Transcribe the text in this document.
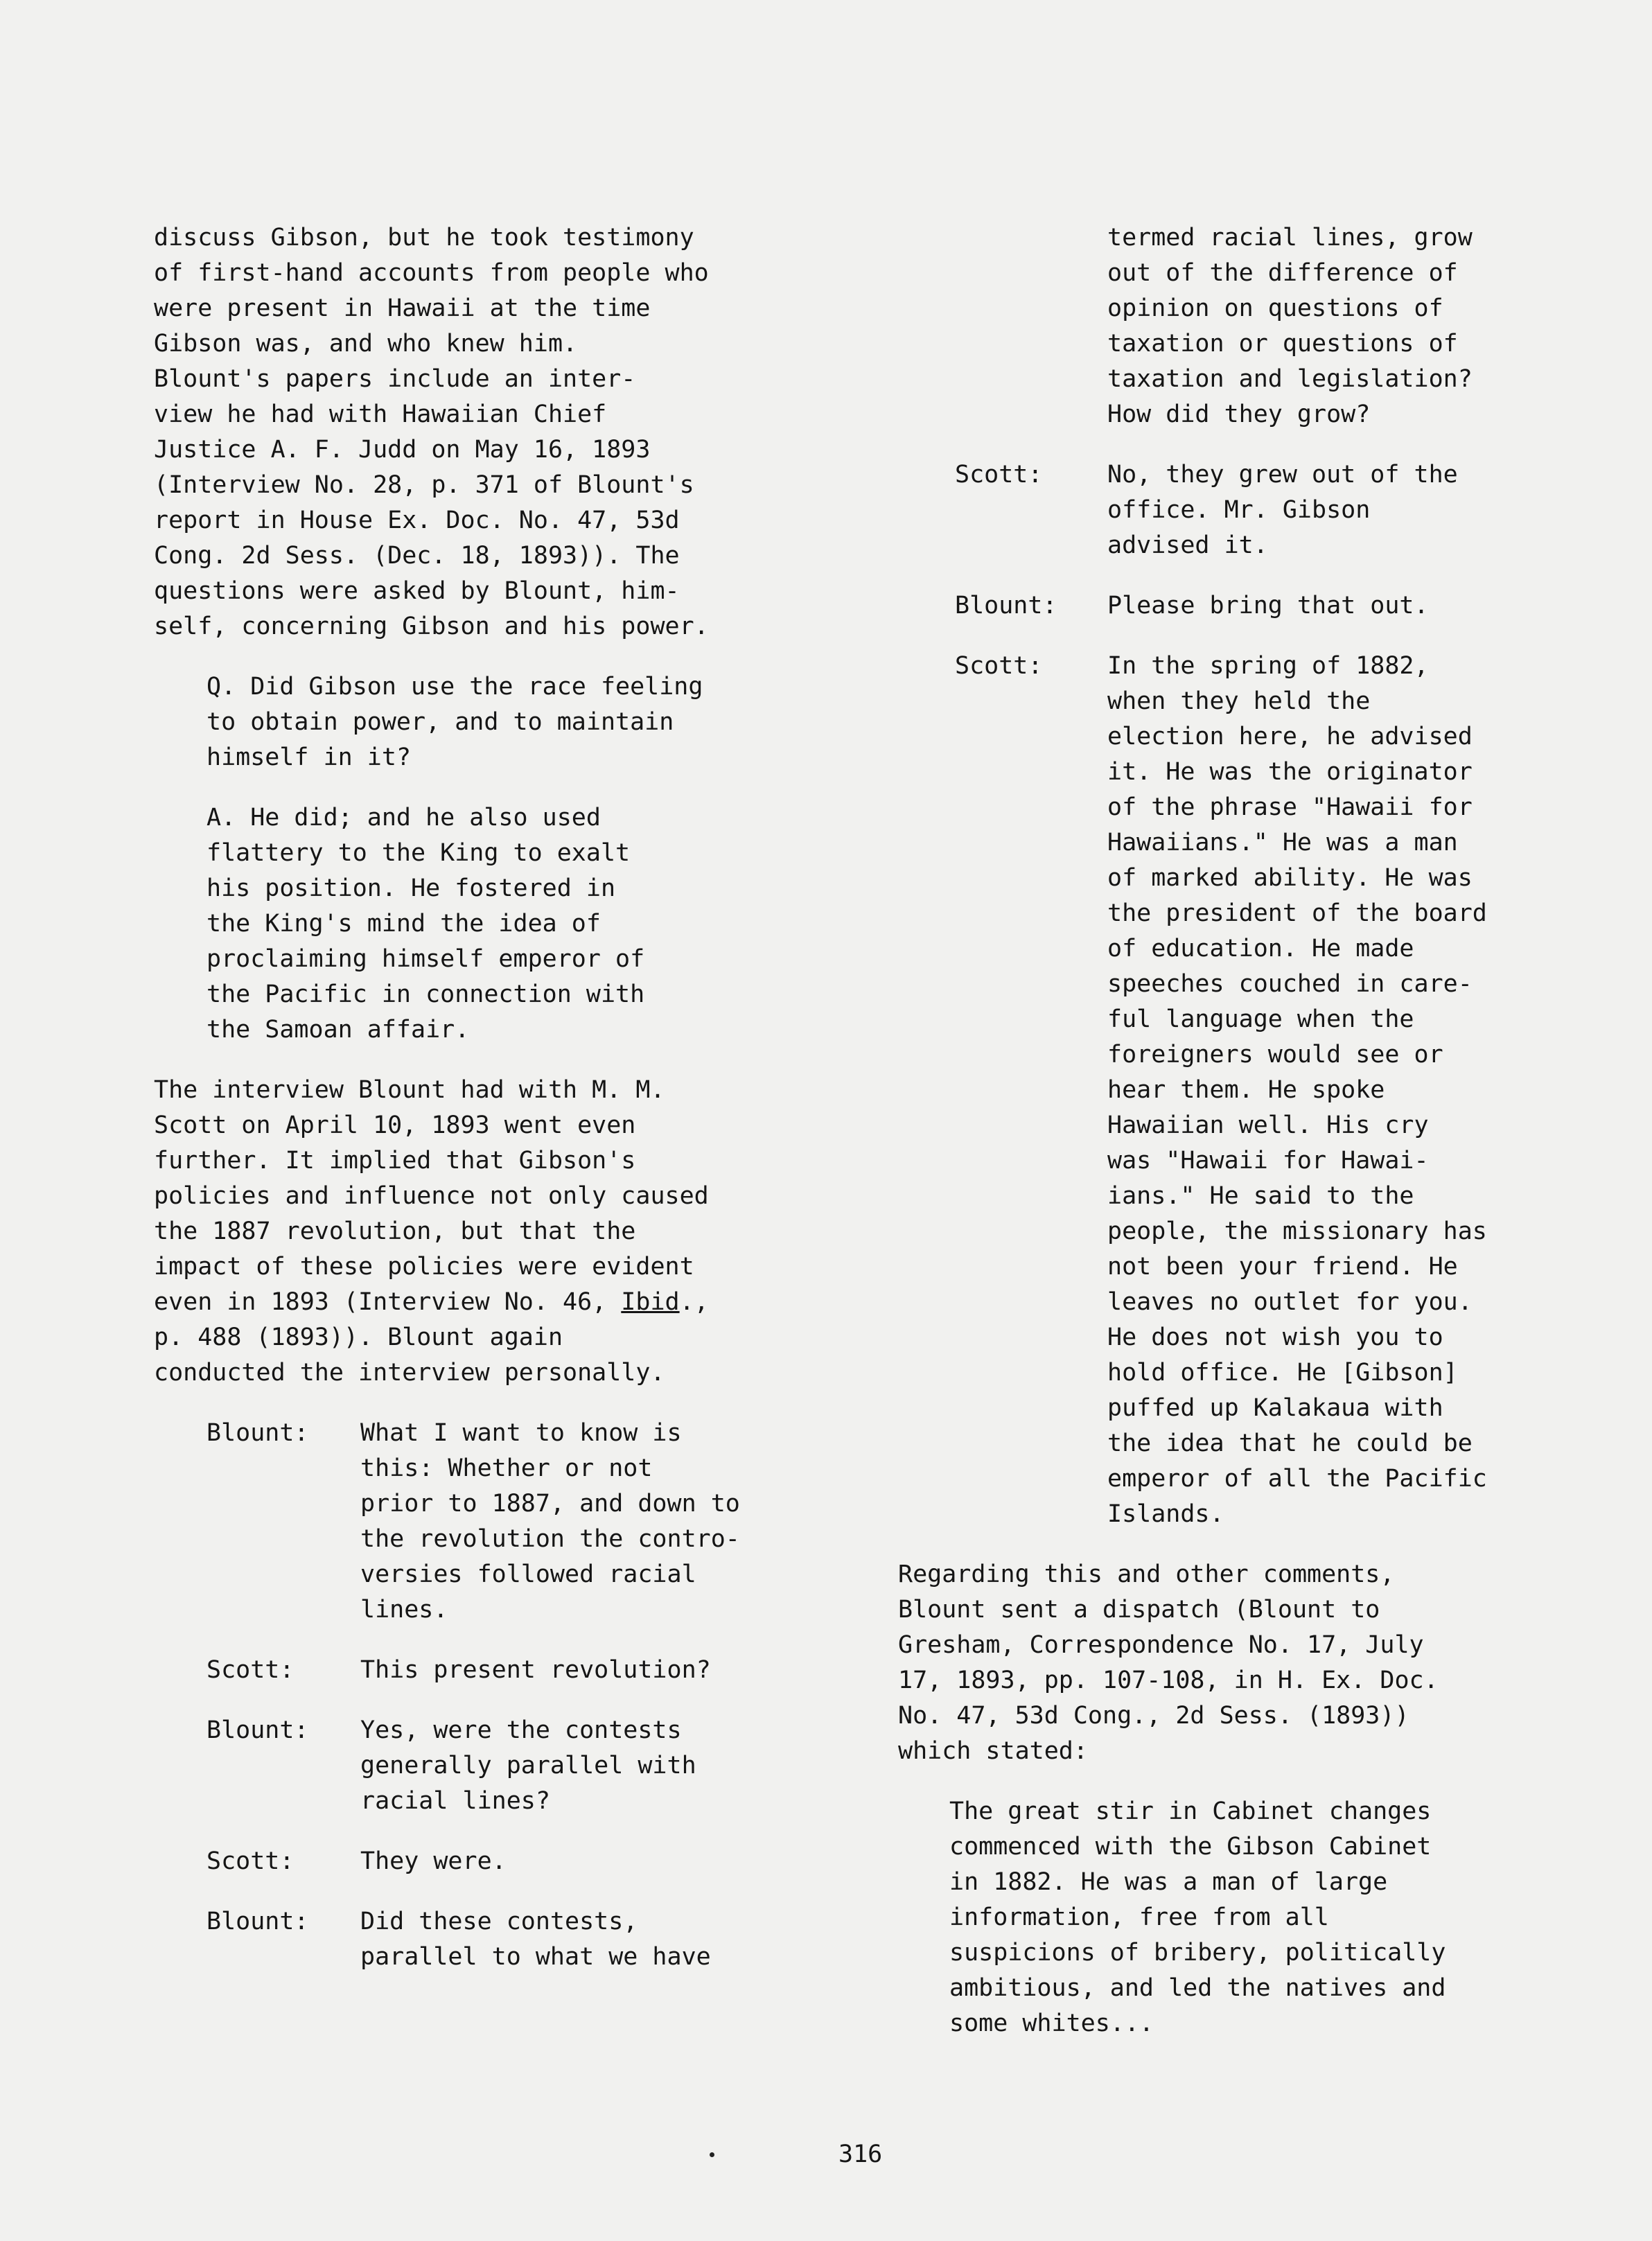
discuss Gibson, but he took testimony
of first-hand accounts from people who
were present in Hawaii at the time
Gibson was, and who knew him.

Blount's papers include an inter-
view he had with Hawaiian Chief
Justice A. F. Judd on May 16, 1893
(Interview No. 28, p. 371 of Blount's
report in House Ex. Doc. No. 47, 53d
Cong. 2d Sess. (Dec. 18, 1893)). The
questions were asked by Blount, him-
self, concerning Gibson and his power.

Q. Did Gibson use the race feeling
to obtain power, and to maintain
himself in it?

A. He did; and he also used
flattery to the King to exalt
his position. He fostered in
the King's mind the idea of
proclaiming himself emperor of
the Pacific in connection with
the Samoan affair.

The interview Blount had with M. M.
Scott on April 10, 1893 went even
further. It implied that Gibson's
policies and influence not only caused
the 1887 revolution, but that the
impact of these policies were evident
even in 1893 (Interview No. 46, Ibid.,
p. 488 (1893)). Blount again
conducted the interview personally.

Blount:	What I want to know is
this: Whether or not
prior to 1887, and down to
the revolution the contro-
versies followed racial
lines.
Scott:	This present revolution?
Blount:	Yes, were the contests
generally parallel with
racial lines?
Scott:	They were.
Blount:	Did these contests,
parallel to what we have

termed racial lines, grow
out of the difference of
opinion on questions of
taxation or questions of
taxation and legislation?
How did they grow?

Scott:	No, they grew out of the
office. Mr. Gibson
advised it.
Blount:	Please bring that out.
Scott:	In the spring of 1882,
when they held the
election here, he advised
it. He was the originator
of the phrase "Hawaii for
Hawaiians." He was a man
of marked ability. He was
the president of the board
of education. He made
speeches couched in care-
ful language when the
foreigners would see or
hear them. He spoke
Hawaiian well. His cry
was "Hawaii for Hawai-
ians." He said to the
people, the missionary has
not been your friend. He
leaves no outlet for you.
He does not wish you to
hold office. He [Gibson]
puffed up Kalakaua with
the idea that he could be
emperor of all the Pacific
Islands.

Regarding this and other comments,
Blount sent a dispatch (Blount to
Gresham, Correspondence No. 17, July
17, 1893, pp. 107-108, in H. Ex. Doc.
No. 47, 53d Cong., 2d Sess. (1893))
which stated:

The great stir in Cabinet changes
commenced with the Gibson Cabinet
in 1882. He was a man of large
information, free from all
suspicions of bribery, politically
ambitious, and led the natives and
some whites...

316
